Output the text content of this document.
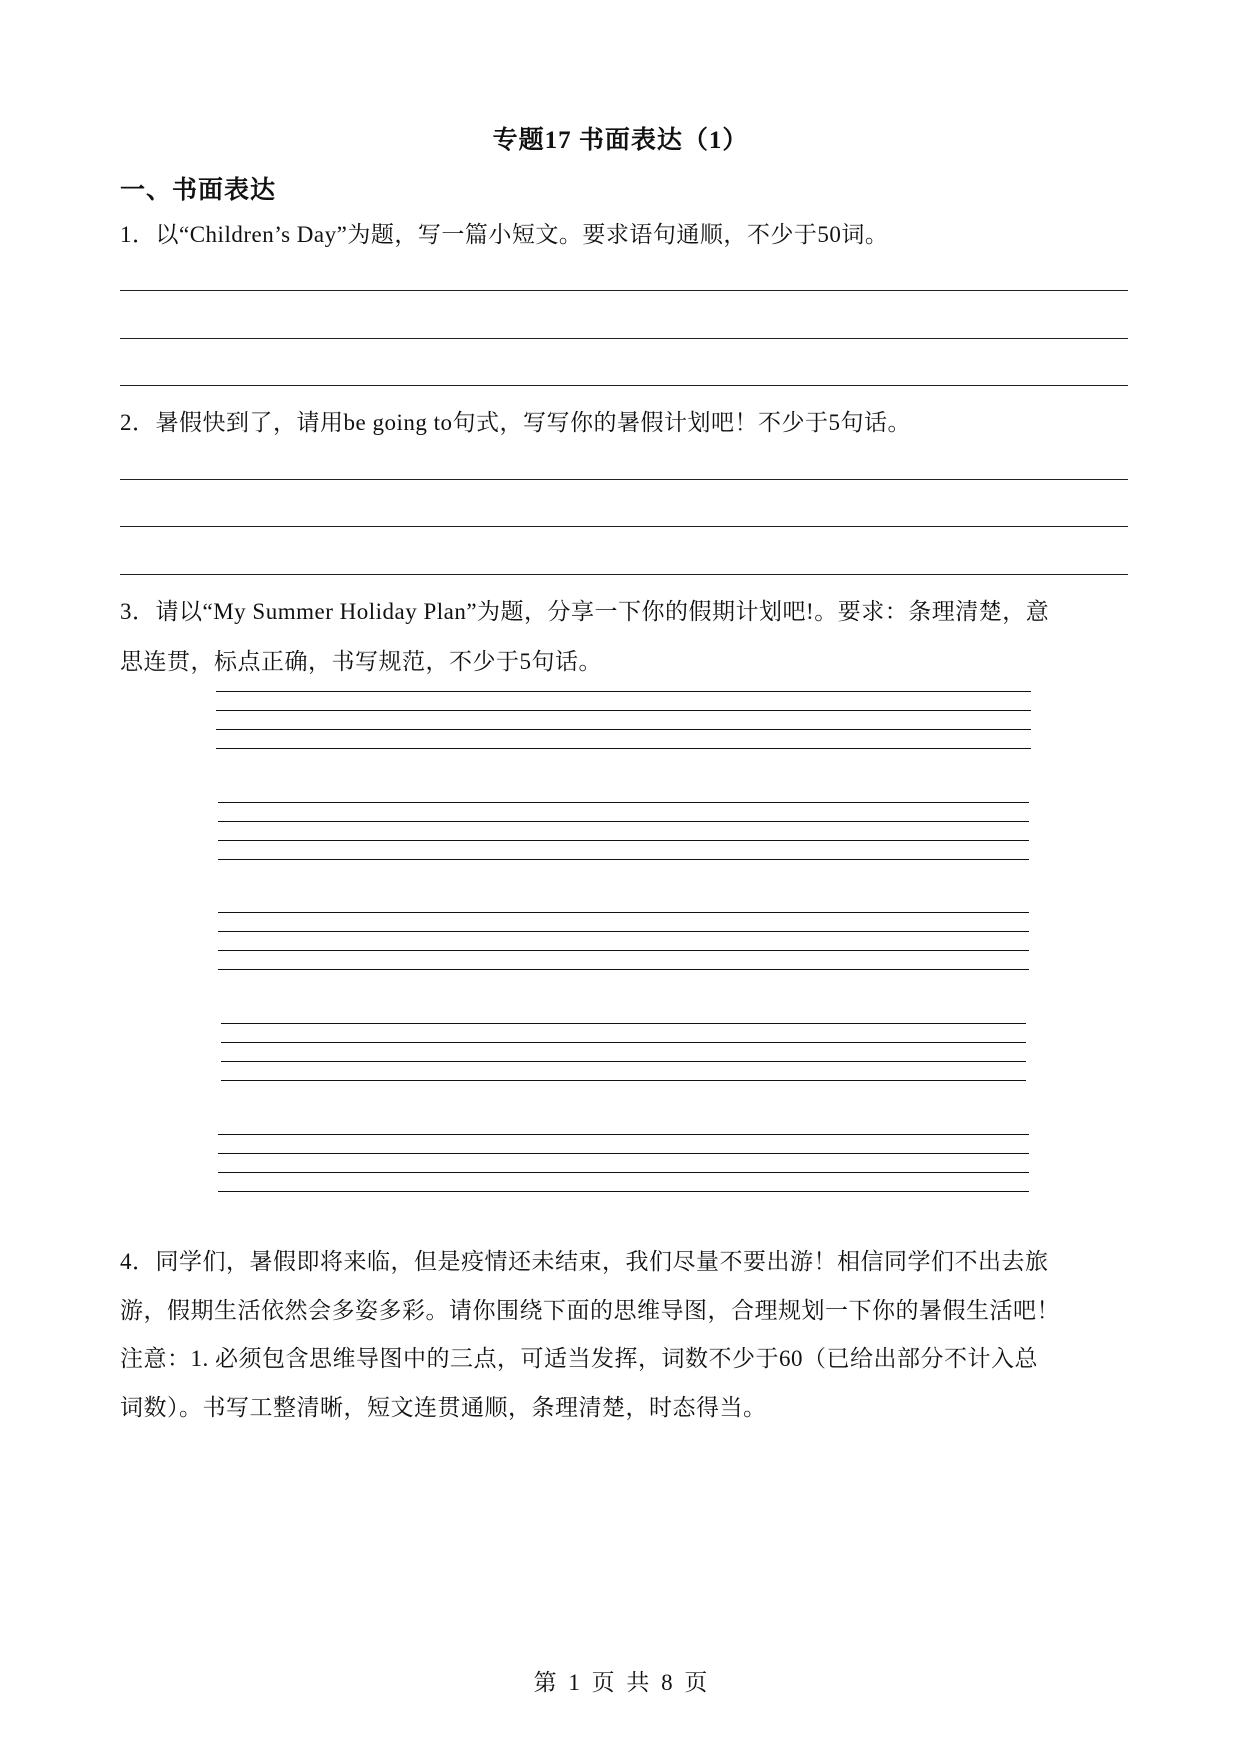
专题17 书面表达（1）
一、书面表达
1．以“Children’s Day”为题，写一篇小短文。要求语句通顺，不少于50词。
2．暑假快到了，请用be going to句式，写写你的暑假计划吧！不少于5句话。
3．请以“My Summer Holiday Plan”为题，分享一下你的假期计划吧!。要求：条理清楚，意
思连贯，标点正确，书写规范，不少于5句话。
4．同学们，暑假即将来临，但是疫情还未结束，我们尽量不要出游！相信同学们不出去旅
游，假期生活依然会多姿多彩。请你围绕下面的思维导图，合理规划一下你的暑假生活吧！
注意：1. 必须包含思维导图中的三点，可适当发挥，词数不少于60（已给出部分不计入总
词数）。书写工整清晰，短文连贯通顺，条理清楚，时态得当。
第 1 页 共 8 页
